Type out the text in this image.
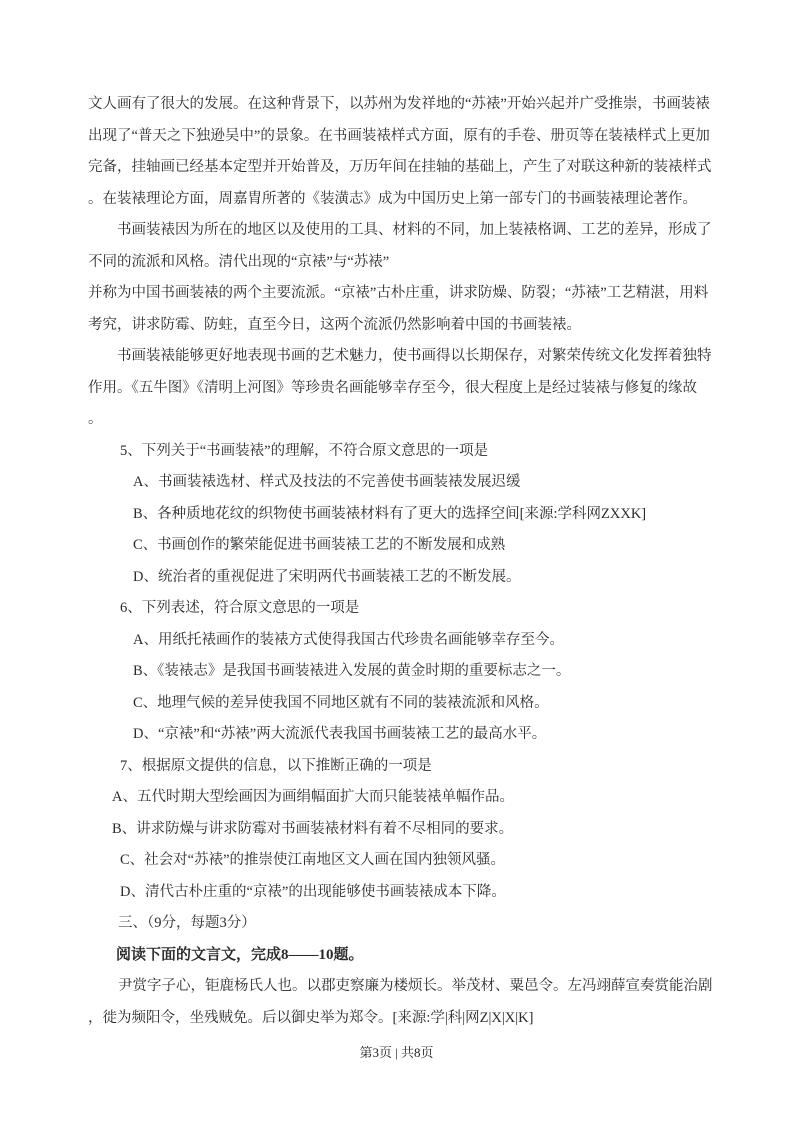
文人画有了很大的发展。在这种背景下，以苏州为发祥地的“苏裱”开始兴起并广受推崇，书画装裱
出现了“普天之下独逊吴中”的景象。在书画装裱样式方面，原有的手卷、册页等在装裱样式上更加
完备，挂轴画已经基本定型并开始普及，万历年间在挂轴的基础上，产生了对联这种新的装裱样式
。在装裱理论方面，周嘉胄所著的《装潢志》成为中国历史上第一部专门的书画装裱理论著作。
书画装裱因为所在的地区以及使用的工具、材料的不同，加上装裱格调、工艺的差异，形成了
不同的流派和风格。清代出现的“京裱”与“苏裱”
并称为中国书画装裱的两个主要流派。“京裱”古朴庄重，讲求防燥、防裂；“苏裱”工艺精湛，用料
考究，讲求防霉、防蛀，直至今日，这两个流派仍然影响着中国的书画装裱。
书画装裱能够更好地表现书画的艺术魅力，使书画得以长期保存，对繁荣传统文化发挥着独特
作用。《五牛图》《清明上河图》等珍贵名画能够幸存至今，很大程度上是经过装裱与修复的缘故
。
5、下列关于“书画装裱”的理解，不符合原文意思的一项是
A、书画装裱选材、样式及技法的不完善使书画装裱发展迟缓
B、各种质地花纹的织物使书画装裱材料有了更大的选择空间[来源:学科网ZXXK]
C、书画创作的繁荣能促进书画装裱工艺的不断发展和成熟
D、统治者的重视促进了宋明两代书画装裱工艺的不断发展。
6、下列表述，符合原文意思的一项是
A、用纸托裱画作的装裱方式使得我国古代珍贵名画能够幸存至今。
B、《装裱志》是我国书画装裱进入发展的黄金时期的重要标志之一。
C、地理气候的差异使我国不同地区就有不同的装裱流派和风格。
D、“京裱”和“苏裱”两大流派代表我国书画装裱工艺的最高水平。
7、根据原文提供的信息，以下推断正确的一项是
A、五代时期大型绘画因为画绢幅面扩大而只能装裱单幅作品。
B、讲求防燥与讲求防霉对书画装裱材料有着不尽相同的要求。
C、社会对“苏裱”的推崇使江南地区文人画在国内独领风骚。
D、清代古朴庄重的“京裱”的出现能够使书画装裱成本下降。
三、（9分，每题3分）
阅读下面的文言文，完成8——10题。
尹赏字子心，钜鹿杨氏人也。以郡吏察廉为楼烦长。举茂材、粟邑令。左冯翊薛宣奏赏能治剧
，徙为频阳令，坐残贼免。后以御史举为郑令。[来源:学|科|网Z|X|X|K]
第3页 | 共8页
